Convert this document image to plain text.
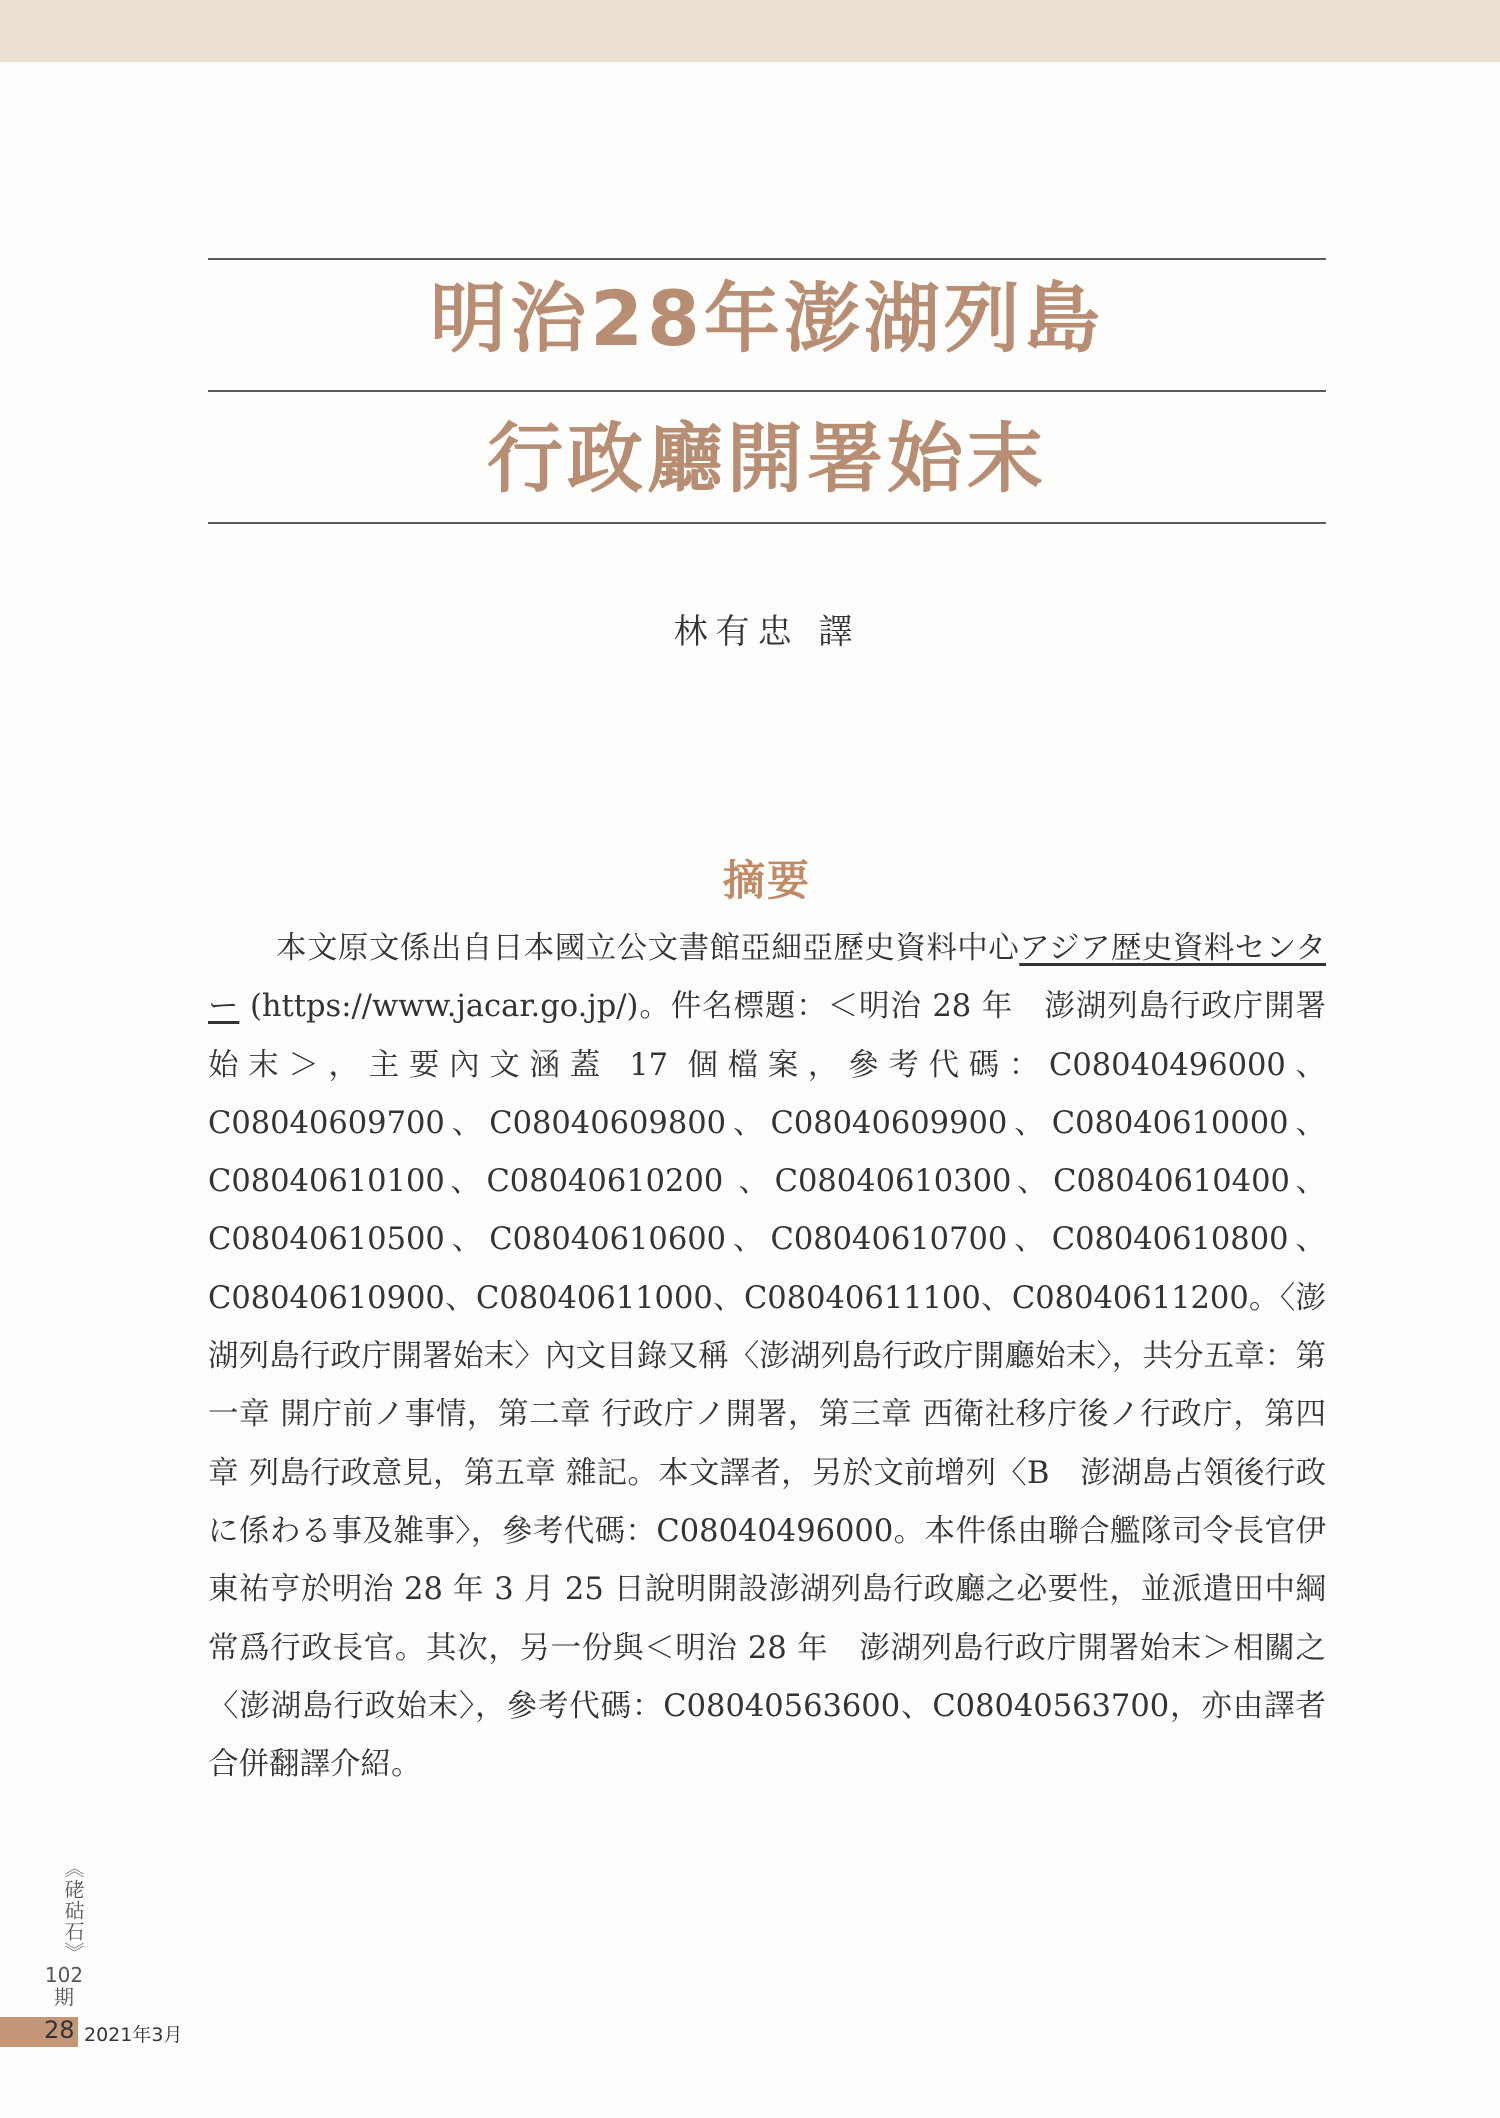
明治28年澎湖列島
行政廳開署始末
林有忠 譯
摘要

本文原文係出自日本國立公文書館亞細亞歷史資料中心アジア歴史資料センター (https://www.jacar.go.jp/)。件名標題：＜明治 28 年　澎湖列島行政庁開署始末＞，主要內文涵蓋 17 個檔案，參考代碼：C08040496000、C08040609700、C08040609800、C08040609900、C08040610000、C08040610100、C08040610200 、C08040610300、C08040610400、C08040610500、C08040610600、C08040610700、C08040610800、C08040610900、C08040611000、C08040611100、C08040611200。〈澎湖列島行政庁開署始末〉內文目錄又稱〈澎湖列島行政庁開廳始末〉，共分五章：第一章 開庁前ノ事情，第二章 行政庁ノ開署，第三章 西衛社移庁後ノ行政庁，第四章 列島行政意見，第五章 雜記。本文譯者，另於文前增列〈B　澎湖島占領後行政に係わる事及雑事〉，參考代碼：C08040496000。本件係由聯合艦隊司令長官伊東祐亨於明治 28 年 3 月 25 日說明開設澎湖列島行政廳之必要性，並派遣田中綱常爲行政長官。其次，另一份與＜明治 28 年　澎湖列島行政庁開署始末＞相關之〈澎湖島行政始末〉，參考代碼：C08040563600、C08040563700，亦由譯者合併翻譯介紹。

《硓𥑮石》
102
期
28 2021年3月
